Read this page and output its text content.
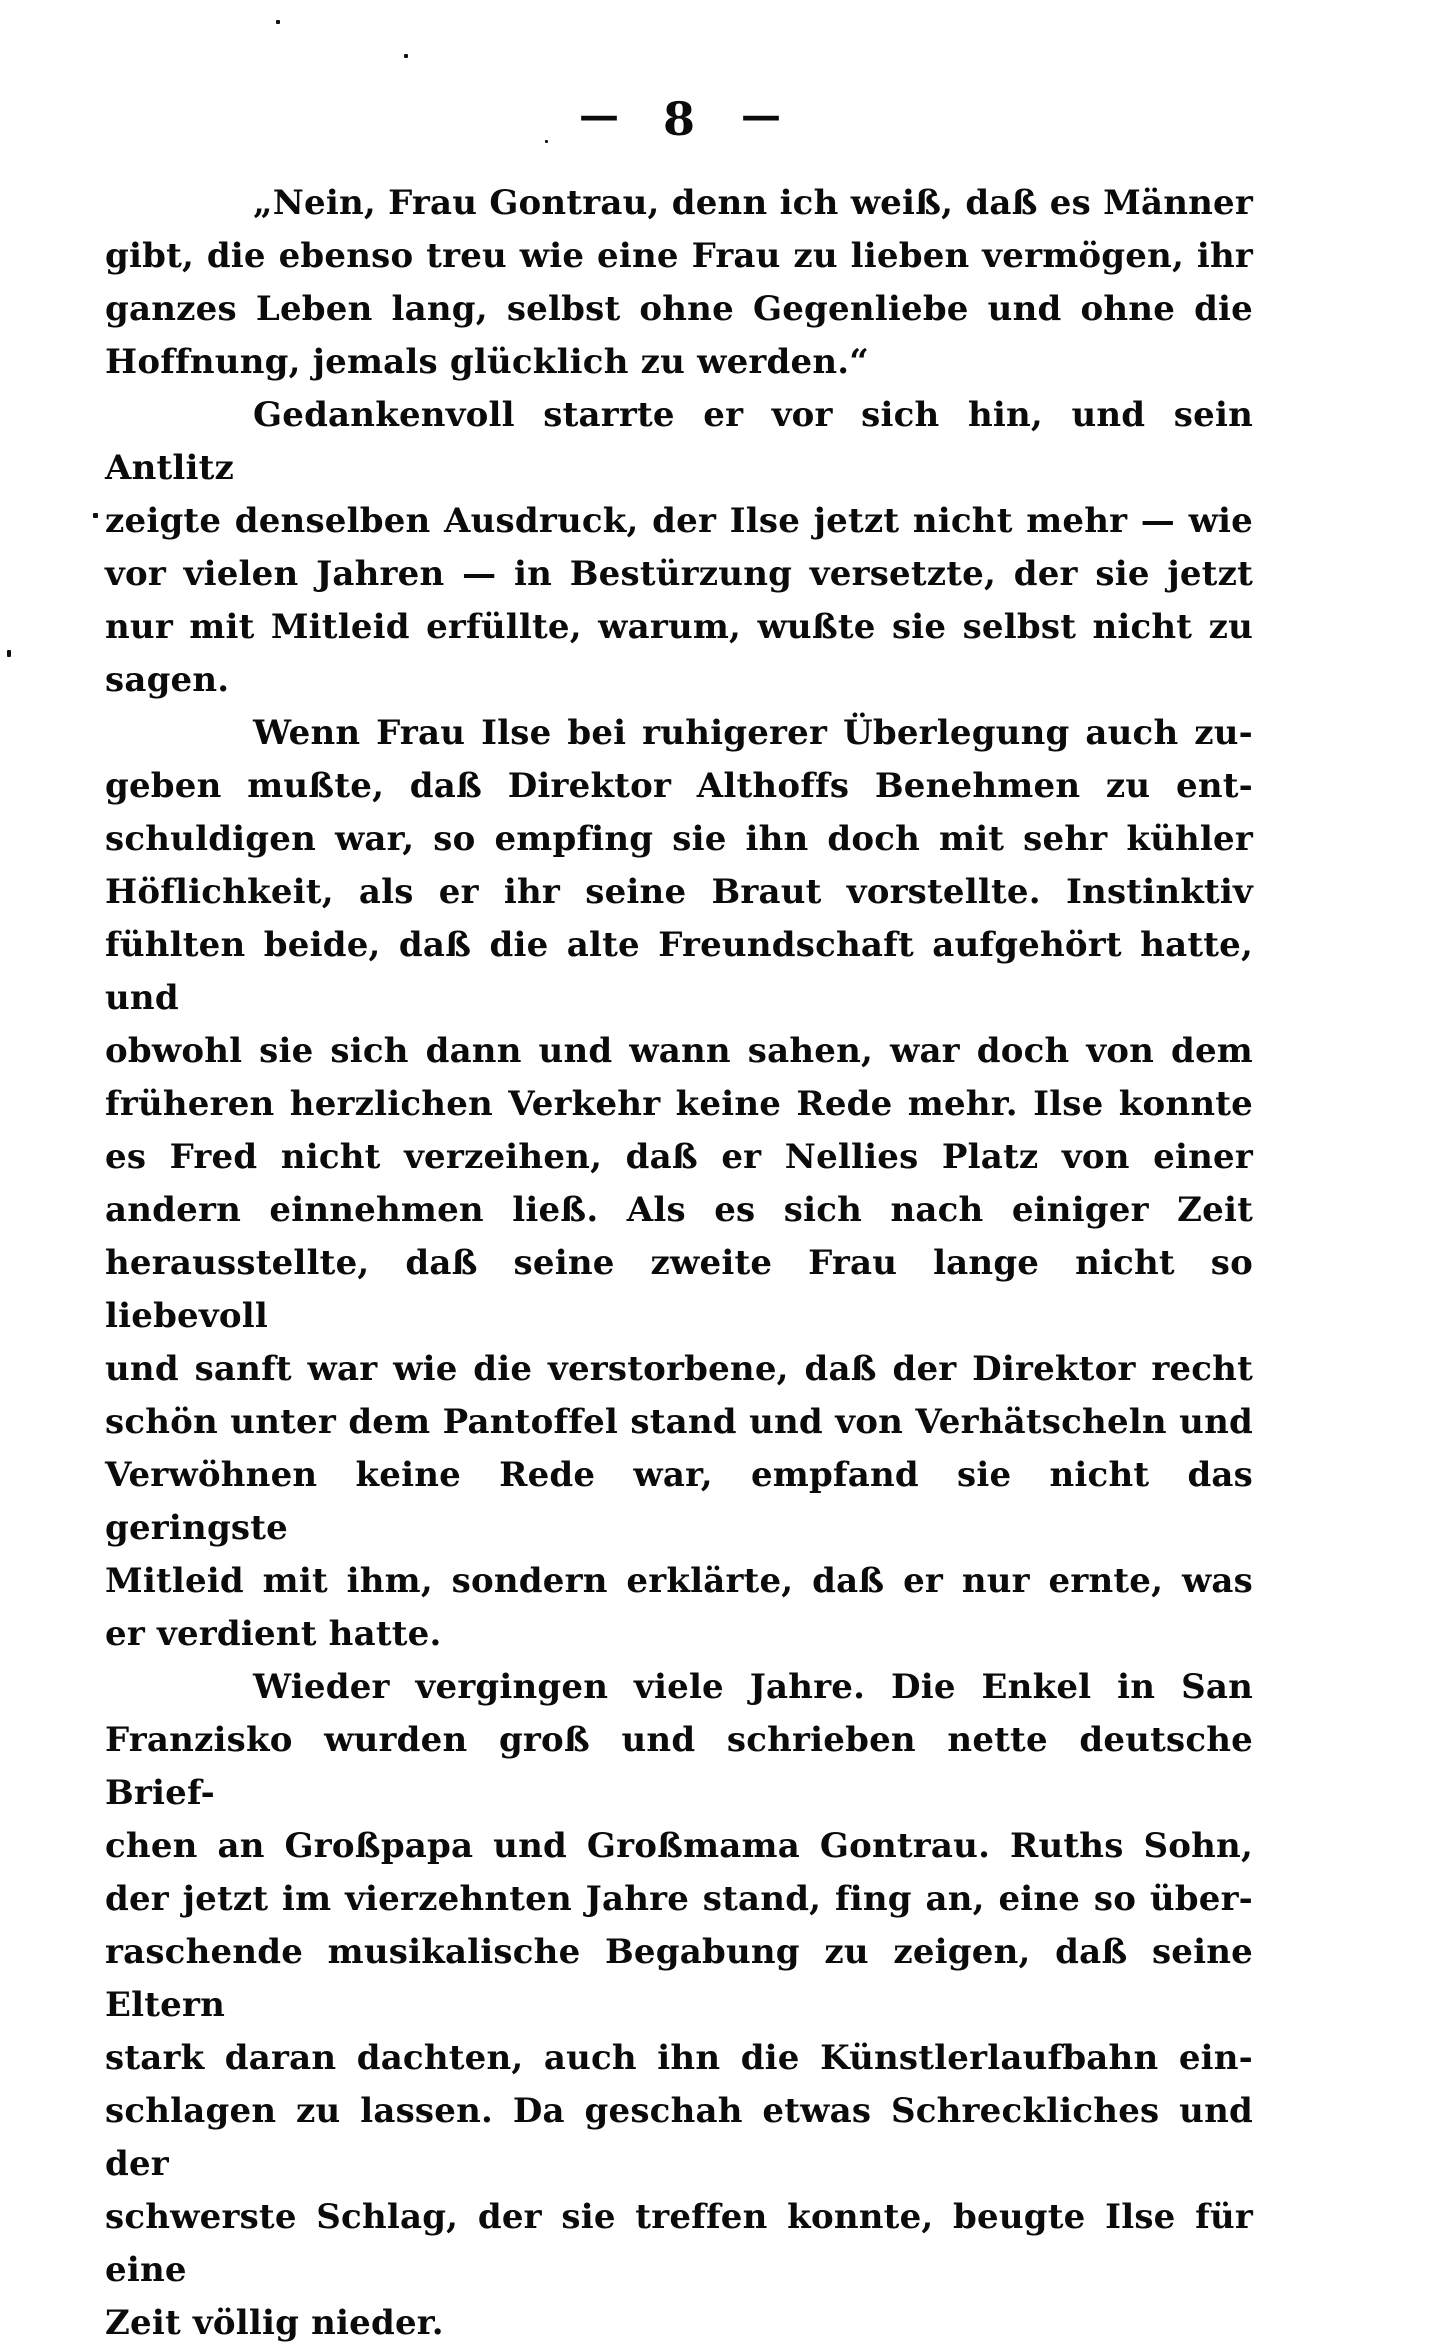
— 8 —
„Nein, Frau Gontrau, denn ich weiß, daß es Männer
gibt, die ebenso treu wie eine Frau zu lieben vermögen, ihr
ganzes Leben lang, selbst ohne Gegenliebe und ohne die
Hoffnung, jemals glücklich zu werden.“
Gedankenvoll starrte er vor sich hin, und sein Antlitz
zeigte denselben Ausdruck, der Ilse jetzt nicht mehr — wie
vor vielen Jahren — in Bestürzung versetzte, der sie jetzt
nur mit Mitleid erfüllte, warum, wußte sie selbst nicht zu
sagen.
Wenn Frau Ilse bei ruhigerer Überlegung auch zu-
geben mußte, daß Direktor Althoffs Benehmen zu ent-
schuldigen war, so empfing sie ihn doch mit sehr kühler
Höflichkeit, als er ihr seine Braut vorstellte. Instinktiv
fühlten beide, daß die alte Freundschaft aufgehört hatte, und
obwohl sie sich dann und wann sahen, war doch von dem
früheren herzlichen Verkehr keine Rede mehr. Ilse konnte
es Fred nicht verzeihen, daß er Nellies Platz von einer
andern einnehmen ließ. Als es sich nach einiger Zeit
herausstellte, daß seine zweite Frau lange nicht so liebevoll
und sanft war wie die verstorbene, daß der Direktor recht
schön unter dem Pantoffel stand und von Verhätscheln und
Verwöhnen keine Rede war, empfand sie nicht das geringste
Mitleid mit ihm, sondern erklärte, daß er nur ernte, was
er verdient hatte.
Wieder vergingen viele Jahre. Die Enkel in San
Franzisko wurden groß und schrieben nette deutsche Brief-
chen an Großpapa und Großmama Gontrau. Ruths Sohn,
der jetzt im vierzehnten Jahre stand, fing an, eine so über-
raschende musikalische Begabung zu zeigen, daß seine Eltern
stark daran dachten, auch ihn die Künstlerlaufbahn ein-
schlagen zu lassen. Da geschah etwas Schreckliches und der
schwerste Schlag, der sie treffen konnte, beugte Ilse für eine
Zeit völlig nieder.
